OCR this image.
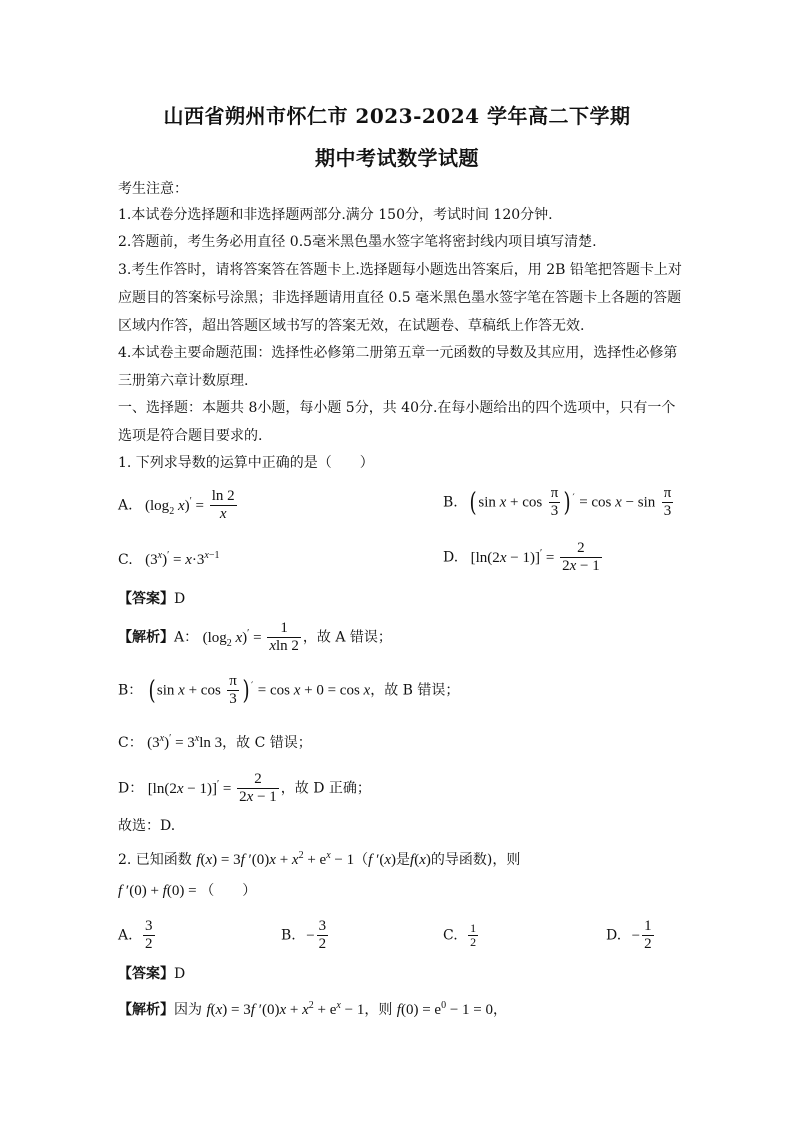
山西省朔州市怀仁市 2023-2024 学年高二下学期
期中考试数学试题
考生注意：
1.本试卷分选择题和非选择题两部分.满分 150分，考试时间 120分钟.
2.答题前，考生务必用直径 0.5毫米黑色墨水签字笔将密封线内项目填写清楚.
3.考生作答时，请将答案答在答题卡上.选择题每小题选出答案后，用 2B 铅笔把答题卡上对
应题目的答案标号涂黑；非选择题请用直径 0.5 毫米黑色墨水签字笔在答题卡上各题的答题
区域内作答，超出答题区域书写的答案无效，在试题卷、草稿纸上作答无效.
4.本试卷主要命题范围：选择性必修第二册第五章一元函数的导数及其应用，选择性必修第
三册第六章计数原理.
一、选择题：本题共 8小题，每小题 5分，共 40分.在每小题给出的四个选项中，只有一个
选项是符合题目要求的.
1. 下列求导数的运算中正确的是（　　）
A. ($\log_2$ $x)' = \frac{\ln 2}{x}$	B. ( $\sin x + \cos \frac{\pi}{3}$ ) $' = \cos x - \sin \frac{\pi}{3}$
C. $(3^x)' = x\cdot 3^{x-1}$	D. $[\ln(2x - 1)]' = \frac{2}{2x - 1}$
【答案】D
【解析】A： ($\log_2$ $x)' = \frac{1}{xln 2}$ ，故 A 错误；
B： ( $\sin x + \cos \frac{\pi}{3}$ ) ′ = cos x + 0 = cos x，故 B 错误；
C： $(3^x)' = 3^x\ln$ 3，故 C 错误；
D： $[\ln(2x - 1)]' = \frac{2}{2x - 1}$ ，故 D 正确；
故选：D.
2. 已知函数 f(x) = 3f $'(0)x + x^2 + e^x - 1(f$ ′(x)是f(x)的导函数)，则
f ′(0) + f(0) = （　　）
A. $\frac{3}{2}$	B. − $\frac{3}{2}$	C. $\frac{1}{2}$	D. − $\frac{1}{2}$
【答案】D
【解析】因为 f(x) = 3f $'(0)x + x^2 + e^x - 1$，则 $f(0) = e^0 - 1 = 0$，
